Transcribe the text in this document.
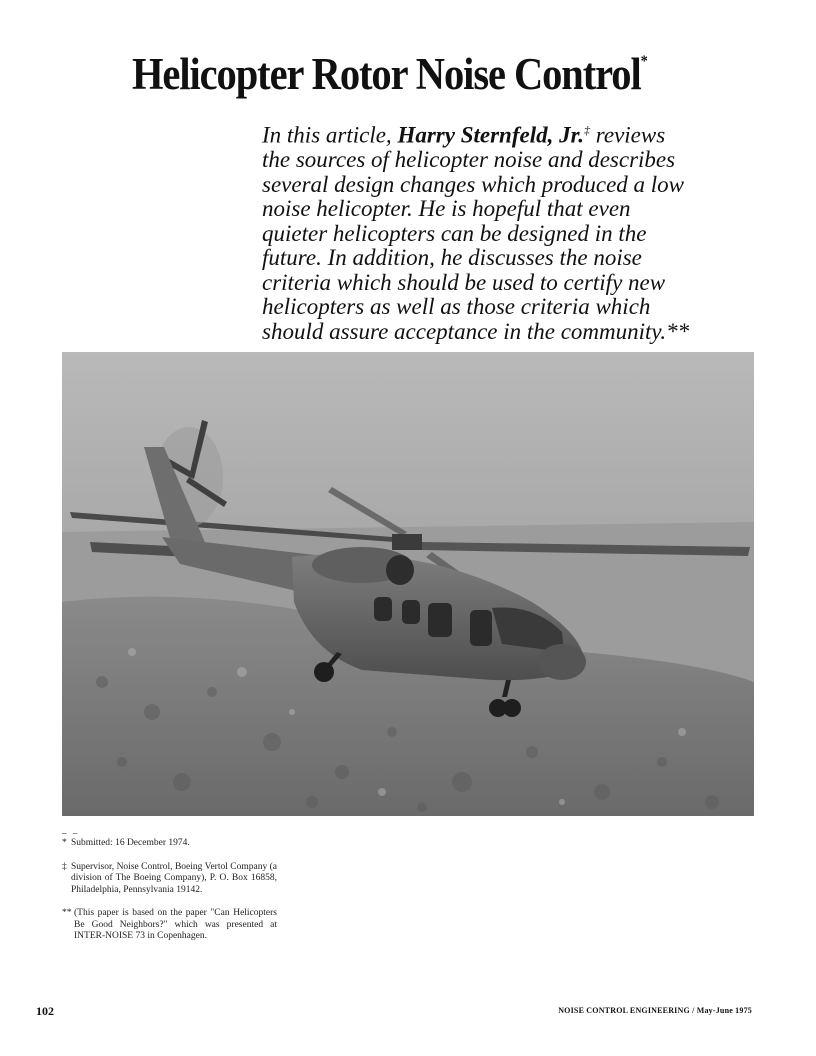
Helicopter Rotor Noise Control*
In this article, Harry Sternfeld, Jr.‡ reviews
the sources of helicopter noise and describes
several design changes which produced a low
noise helicopter. He is hopeful that even
quieter helicopters can be designed in the
future. In addition, he discusses the noise
criteria which should be used to certify new
helicopters as well as those criteria which
should assure acceptance in the community.**
– –
* Submitted: 16 December 1974.
‡ Supervisor, Noise Control, Boeing Vertol Company (a division of The Boeing Company), P. O. Box 16858, Philadelphia, Pennsylvania 19142.
** (This paper is based on the paper "Can Helicopters Be Good Neighbors?" which was presented at INTER-NOISE 73 in Copenhagen.
102	NOISE CONTROL ENGINEERING / May-June 1975
